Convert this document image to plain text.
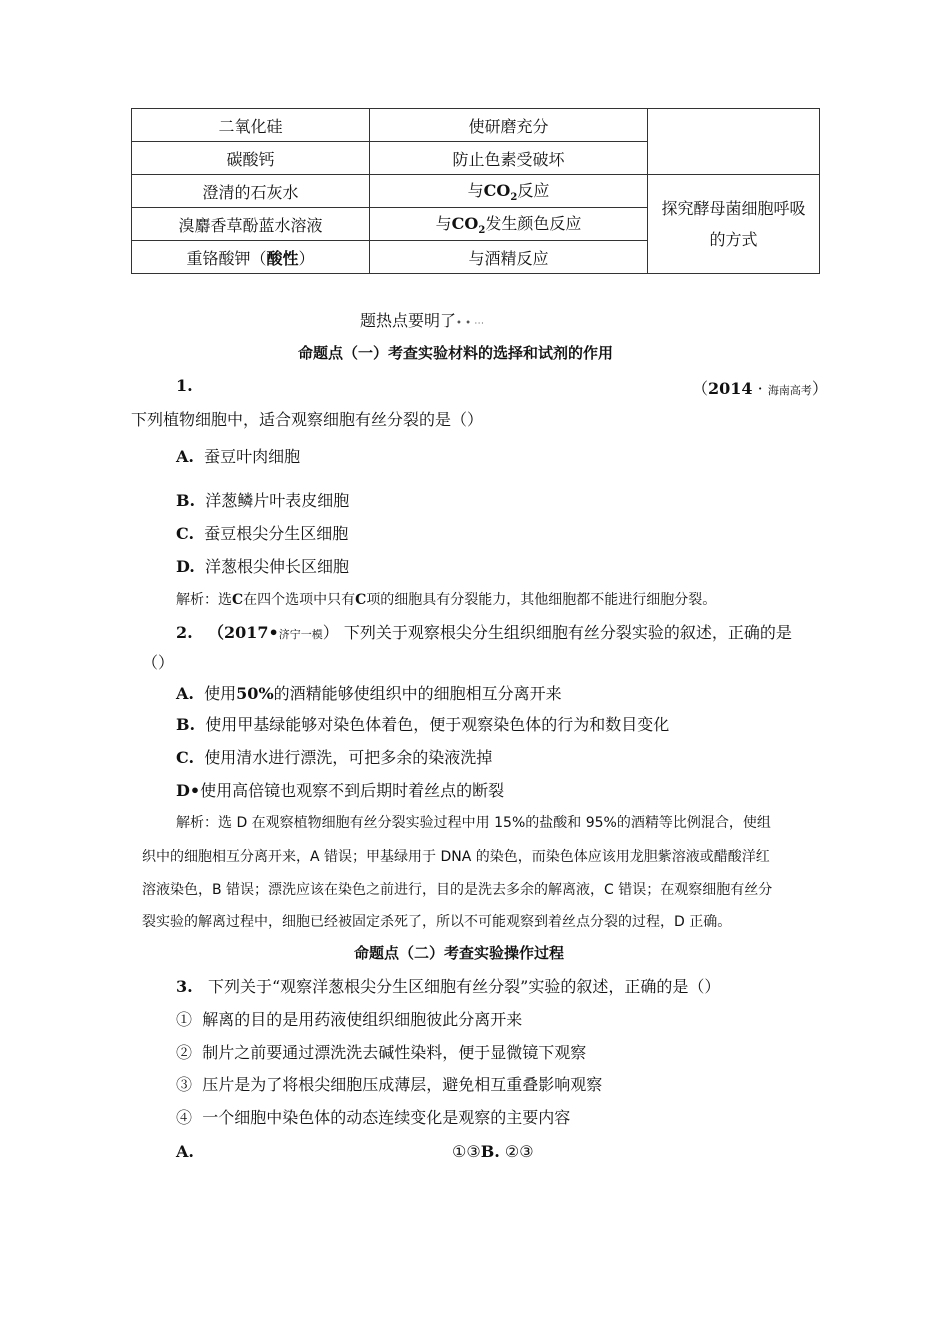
二氧化硅	使研磨充分	
碳酸钙	防止色素受破坏	
澄清的石灰水	与$CO_2$反应	探究酵母菌细胞呼吸的方式

溴麝香草酚蓝水溶液	与$CO_2$发生颜色反应	
重铬酸钾（酸性）	与酒精反应	
题热点要明了• • ⋯
命题点（一）考查实验材料的选择和试剂的作用
1.	（2014 · 海南高考）
下列植物细胞中，适合观察细胞有丝分裂的是（）
A. 蚕豆叶肉细胞
B. 洋葱鳞片叶表皮细胞
C. 蚕豆根尖分生区细胞
D. 洋葱根尖伸长区细胞
解析：选C在四个选项中只有C项的细胞具有分裂能力，其他细胞都不能进行细胞分裂。
2. （2017•济宁一模） 下列关于观察根尖分生组织细胞有丝分裂实验的叙述，正确的是
（）
A. 使用50%的酒精能够使组织中的细胞相互分离开来
B. 使用甲基绿能够对染色体着色，便于观察染色体的行为和数目变化
C. 使用清水进行漂洗，可把多余的染液洗掉
D•使用高倍镜也观察不到后期时着丝点的断裂
解析：选 D 在观察植物细胞有丝分裂实验过程中用 15%的盐酸和 95%的酒精等比例混合，使组
织中的细胞相互分离开来，A 错误；甲基绿用于 DNA 的染色，而染色体应该用龙胆紫溶液或醋酸洋红
溶液染色，B 错误；漂洗应该在染色之前进行，目的是洗去多余的解离液，C 错误；在观察细胞有丝分
裂实验的解离过程中，细胞已经被固定杀死了，所以不可能观察到着丝点分裂的过程，D 正确。
命题点（二）考查实验操作过程
3. 下列关于“观察洋葱根尖分生区细胞有丝分裂”实验的叙述，正确的是（）
① 解离的目的是用药液使组织细胞彼此分离开来
② 制片之前要通过漂洗洗去碱性染料，便于显微镜下观察
③ 压片是为了将根尖细胞压成薄层，避免相互重叠影响观察
④ 一个细胞中染色体的动态连续变化是观察的主要内容
A.	①③B. ②③
